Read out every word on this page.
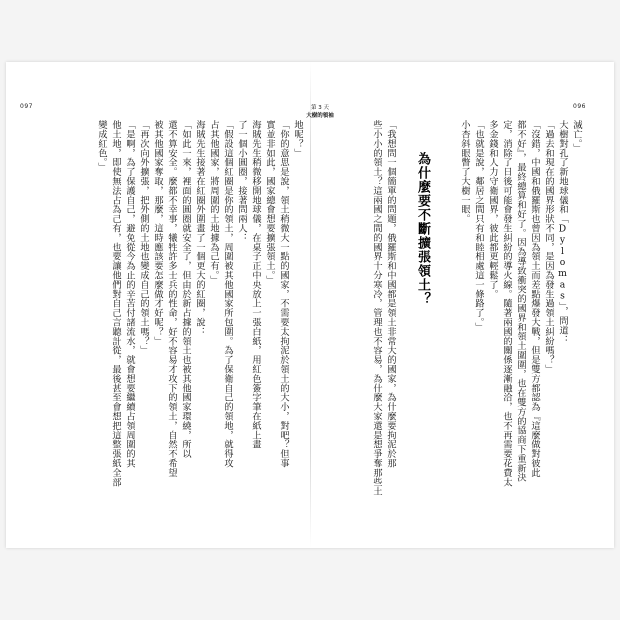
097	096
第 3 天
大樹的領袖
滅亡。」
大樹對孔了新地球儀和「Dylomas」，問道：
「過去和現在的國界形狀不同，是因為發生過領土糾紛嗎？」
「沒錯，中國和俄羅斯也曾因為領土而差點爆發大戰，但是雙方都認為『這麼做對彼此
都不好』，最終總算和好了。因為導致衝突的國界和領土圍圍，也在雙方的協商下重新決
定，消除了日後可能會發生糾紛的導火線。隨著兩國的關係逐漸融洽，也不再需要花費太
多金錢和人力守衛國界，彼此都更輕鬆了。
「也就是說，鄰居之間只有和睦相處這一條路了。」
小杏斜眼瞥了大樹一眼。
為什麼要不斷擴張領土？
「我想問一個簡單的問題，俄羅斯和中國都是領土非常大的國家，為什麼要拘泥於那
些小小的領土？這兩國之間的國界十分寒冷，管理也不容易，為什麼大家還是想爭奪那些土
地呢？」
「你的意思是說，領土稍微大一點的國家，不需要太拘泥於領土的大小，對吧？但事
實並非如此，國家總會想要擴張領土。」
海賊先生稍微移開地球儀，在桌子正中央放上一張白紙，用紅色簽字筆在紙上畫
了一個小圓圈，接著問兩人：
「假設這個紅圈是你的領土，周圍被其他國家所包圍。為了保衛自己的領地，就得攻
占其他國家，將周圍的土地據為己有。」
海賊先生接著在紅圈外圍畫了一個更大的紅圈，說：
「如此一來，裡面的圓圈就安全了，但由於新占據的領土也被其他國家環繞，所以
還不算安全。麼都不幸事，犧牲許多士兵的性命，好不容易才攻下的領土，自然不希望
被其他國家奪取，那麼，這時應該要怎麼做才好呢？」
「再次向外擴張，把外側的土地也變成自己的領土嗎？」
「是啊，為了保護自己，避免從今為止的辛苦付諸流水，就會想要繼續占領周圍的其
他土地，即使無法占為己有，也要讓他們對自己言聽計從，最後甚至會想把這整張紙全部
變成紅色。」
